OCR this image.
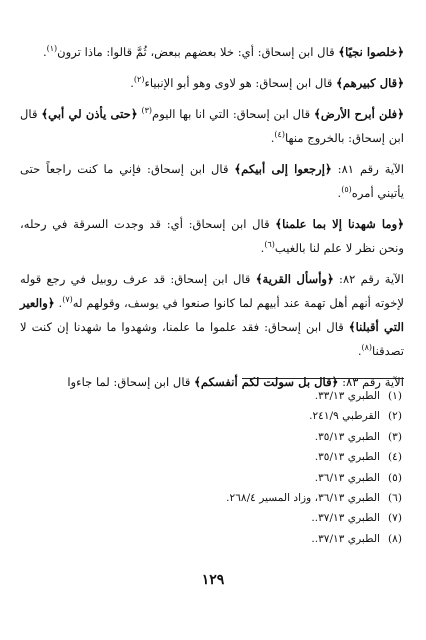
﴿خلصوا نجيًا﴾ قال ابن إسحاق: أي: خلا بعضهم ببعض، ثُمَّ قالوا: ماذا ترون$^{(١)}$.

﴿قال كبيرهم﴾ قال ابن إسحاق: هو لاوى وهو أبو الإنبياء$^{(٢)}$.

﴿فلن أبرح الأرض﴾ قال ابن إسحاق: التي انا بها اليوم$^{(٣)}$ ﴿حتى يأذن لي أبي﴾ قال ابن إسحاق: بالخروج منها$^{(٤)}$.

الآية رقم ٨١: ﴿إرجعوا إلى أبيكم﴾ قال ابن إسحاق: فإني ما كنت راجعاً حتى يأتيني أمره$^{(٥)}$.

﴿وما شهدنا إلا بما علمنا﴾ قال ابن إسحاق: أي: قد وجدت السرقة في رحله، ونحن نظر لا علم لنا بالغيب$^{(٦)}$.

الآية رقم ٨٢: ﴿وأسأل القرية﴾ قال ابن إسحاق: قد عرف روبيل في رجع قوله لإخوته أنهم أهل تهمة عند أبيهم لما كانوا صنعوا في يوسف، وقولهم له$^{(٧)}$. ﴿والعير التي أقبلنا﴾ قال ابن إسحاق: فقد علموا ما علمنا، وشهدوا ما شهدنا إن كنت لا تصدقنا$^{(٨)}$.

الآية رقم ٨٣: ﴿قال بل سولت لكم أنفسكم﴾ قال ابن إسحاق: لما جاءوا

(١)الطبري ٣٣/١٣.
(٢)القرطبي ٢٤١/٩.
(٣)الطبري ٣٥/١٣.
(٤)الطبري ٣٥/١٣.
(٥)الطبري ٣٦/١٣.
(٦)الطبري ٣٦/١٣، وزاد المسير ٢٦٨/٤.
(٧)الطبري ٣٧/١٣..
(٨)الطبري ٣٧/١٣..
١٢٩
